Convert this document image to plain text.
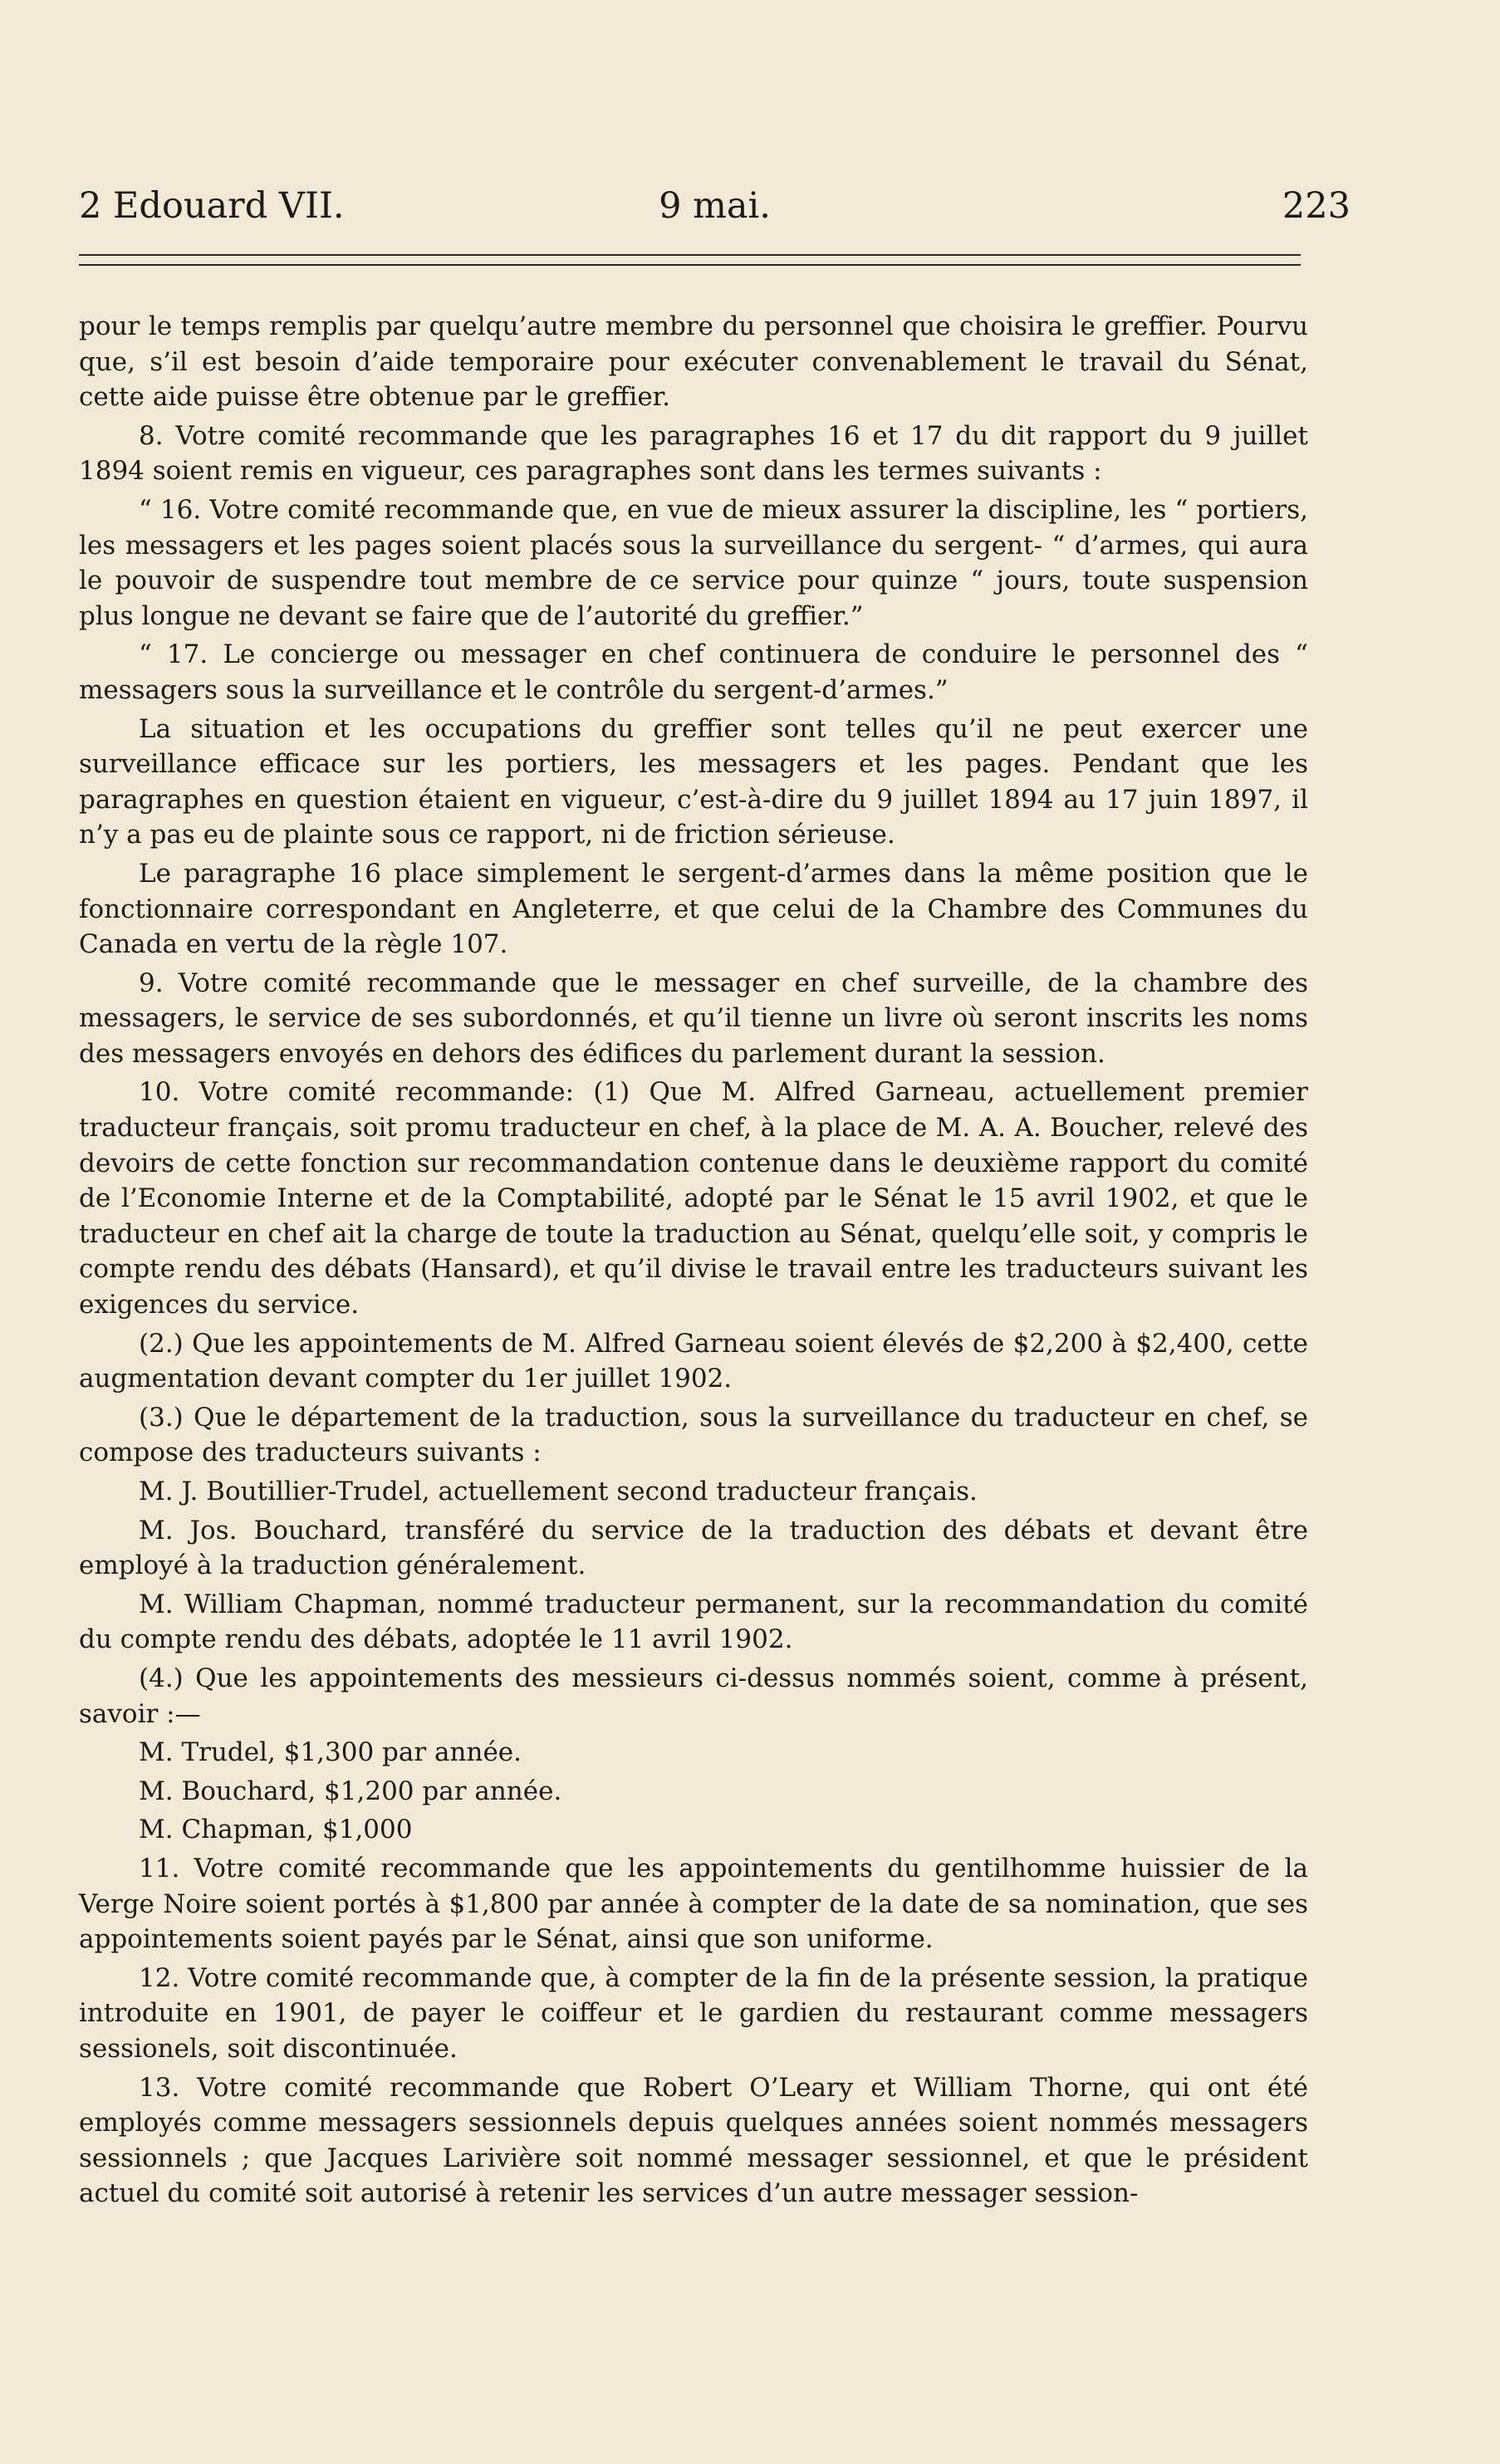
2 Edouard VII.	9 mai.	223

pour le temps remplis par quelqu’autre membre du personnel que choisira le greffier. Pourvu que, s’il est besoin d’aide temporaire pour exécuter convenablement le travail du Sénat, cette aide puisse être obtenue par le greffier.

8. Votre comité recommande que les paragraphes 16 et 17 du dit rapport du 9 juillet 1894 soient remis en vigueur, ces paragraphes sont dans les termes suivants :

“ 16. Votre comité recommande que, en vue de mieux assurer la discipline, les “ portiers, les messagers et les pages soient placés sous la surveillance du sergent- “ d’armes, qui aura le pouvoir de suspendre tout membre de ce service pour quinze “ jours, toute suspension plus longue ne devant se faire que de l’autorité du greffier.”

“ 17. Le concierge ou messager en chef continuera de conduire le personnel des “ messagers sous la surveillance et le contrôle du sergent-d’armes.”

La situation et les occupations du greffier sont telles qu’il ne peut exercer une surveillance efficace sur les portiers, les messagers et les pages. Pendant que les paragraphes en question étaient en vigueur, c’est-à-dire du 9 juillet 1894 au 17 juin 1897, il n’y a pas eu de plainte sous ce rapport, ni de friction sérieuse.

Le paragraphe 16 place simplement le sergent-d’armes dans la même position que le fonctionnaire correspondant en Angleterre, et que celui de la Chambre des Communes du Canada en vertu de la règle 107.

9. Votre comité recommande que le messager en chef surveille, de la chambre des messagers, le service de ses subordonnés, et qu’il tienne un livre où seront inscrits les noms des messagers envoyés en dehors des édifices du parlement durant la session.

10. Votre comité recommande: (1) Que M. Alfred Garneau, actuellement premier traducteur français, soit promu traducteur en chef, à la place de M. A. A. Boucher, relevé des devoirs de cette fonction sur recommandation contenue dans le deuxième rapport du comité de l’Economie Interne et de la Comptabilité, adopté par le Sénat le 15 avril 1902, et que le traducteur en chef ait la charge de toute la traduction au Sénat, quelqu’elle soit, y compris le compte rendu des débats (Hansard), et qu’il divise le travail entre les traducteurs suivant les exigences du service.

(2.) Que les appointements de M. Alfred Garneau soient élevés de $2,200 à $2,400, cette augmentation devant compter du 1er juillet 1902.

(3.) Que le département de la traduction, sous la surveillance du traducteur en chef, se compose des traducteurs suivants :

M. J. Boutillier-Trudel, actuellement second traducteur français.

M. Jos. Bouchard, transféré du service de la traduction des débats et devant être employé à la traduction généralement.

M. William Chapman, nommé traducteur permanent, sur la recommandation du comité du compte rendu des débats, adoptée le 11 avril 1902.

(4.) Que les appointements des messieurs ci-dessus nommés soient, comme à présent, savoir :—

M. Trudel, $1,300 par année.

M. Bouchard, $1,200 par année.

M. Chapman, $1,000

11. Votre comité recommande que les appointements du gentilhomme huissier de la Verge Noire soient portés à $1,800 par année à compter de la date de sa nomination, que ses appointements soient payés par le Sénat, ainsi que son uniforme.

12. Votre comité recommande que, à compter de la fin de la présente session, la pratique introduite en 1901, de payer le coiffeur et le gardien du restaurant comme messagers sessionels, soit discontinuée.

13. Votre comité recommande que Robert O’Leary et William Thorne, qui ont été employés comme messagers sessionnels depuis quelques années soient nommés messagers sessionnels ; que Jacques Larivière soit nommé messager sessionnel, et que le président actuel du comité soit autorisé à retenir les services d’un autre messager session-
